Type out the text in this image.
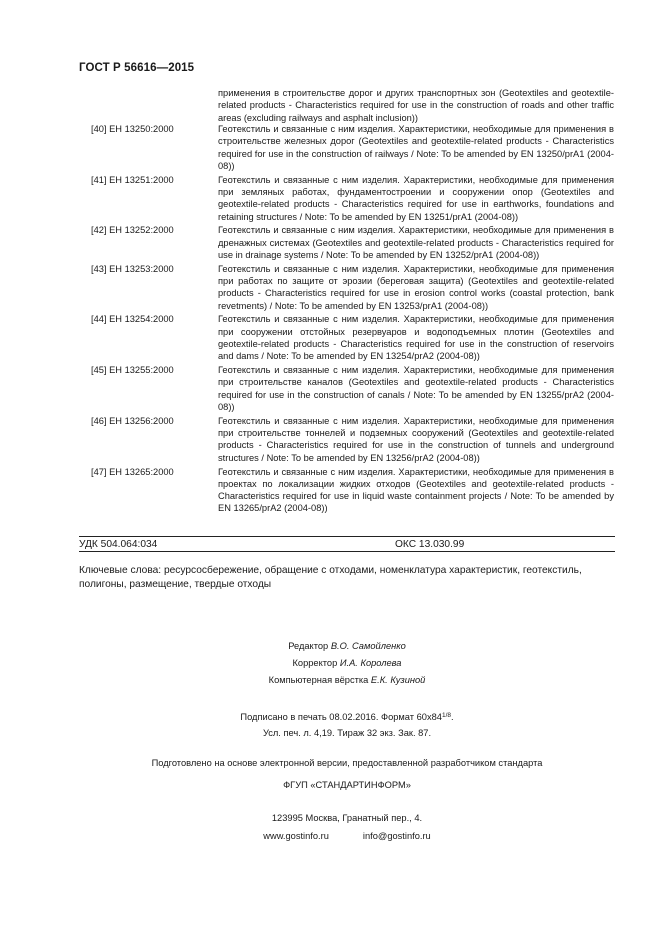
ГОСТ Р 56616—2015
применения в строительстве дорог и других транспортных зон (Geotextiles and geotextile-related products - Characteristics required for use in the construction of roads and other traffic areas (excluding railways and asphalt inclusion))
[40] EH 13250:2000	Геотекстиль и связанные с ним изделия. Характеристики, необходимые для применения в строительстве железных дорог (Geotextiles and geotextile-related products - Characteristics required for use in the construction of railways / Note: To be amended by EN 13250/prA1 (2004-08))
[41] EH 13251:2000	Геотекстиль и связанные с ним изделия. Характеристики, необходимые для применения при земляных работах, фундаментостроении и сооружении опор (Geotextiles and geotextile-related products - Characteristics required for use in earthworks, foundations and retaining structures / Note: To be amended by EN 13251/prA1 (2004-08))
[42] EH 13252:2000	Геотекстиль и связанные с ним изделия. Характеристики, необходимые для применения в дренажных системах (Geotextiles and geotextile-related products - Characteristics required for use in drainage systems / Note: To be amended by EN 13252/prA1 (2004-08))
[43] EH 13253:2000	Геотекстиль и связанные с ним изделия. Характеристики, необходимые для применения при работах по защите от эрозии (береговая защита) (Geotextiles and geotextile-related products - Characteristics required for use in erosion control works (coastal protection, bank revetments) / Note: To be amended by EN 13253/prA1 (2004-08))
[44] EH 13254:2000	Геотекстиль и связанные с ним изделия. Характеристики, необходимые для применения при сооружении отстойных резервуаров и водоподъемных плотин (Geotextiles and geotextile-related products - Characteristics required for use in the construction of reservoirs and dams / Note: To be amended by EN 13254/prA2 (2004-08))
[45] EH 13255:2000	Геотекстиль и связанные с ним изделия. Характеристики, необходимые для применения при строительстве каналов (Geotextiles and geotextile-related products - Characteristics required for use in the construction of canals / Note: To be amended by EN 13255/prA2 (2004-08))
[46] EH 13256:2000	Геотекстиль и связанные с ним изделия. Характеристики, необходимые для применения при строительстве тоннелей и подземных сооружений (Geotextiles and geotextile-related products - Characteristics required for use in the construction of tunnels and underground structures / Note: To be amended by EN 13256/prA2 (2004-08))
[47] EH 13265:2000	Геотекстиль и связанные с ним изделия. Характеристики, необходимые для применения в проектах по локализации жидких отходов (Geotextiles and geotextile-related products - Characteristics required for use in liquid waste containment projects / Note: To be amended by EN 13265/prA2 (2004-08))
УДК 504.064:034	ОКС 13.030.99
Ключевые слова: ресурсосбережение, обращение с отходами, номенклатура характеристик, геотекстиль, полигоны, размещение, твердые отходы
Редактор В.О. Самойленко
Корректор И.А. Королева
Компьютерная вёрстка Е.К. Кузиной
Подписано в печать 08.02.2016. Формат $60x84^{1/8}$.
Усл. печ. л. 4,19. Тираж 32 экз. Зак. 87.
Подготовлено на основе электронной версии, предоставленной разработчиком стандарта
ФГУП «СТАНДАРТИНФОРМ»
123995 Москва, Гранатный пер., 4.
www.gostinfo.ru	info@gostinfo.ru
